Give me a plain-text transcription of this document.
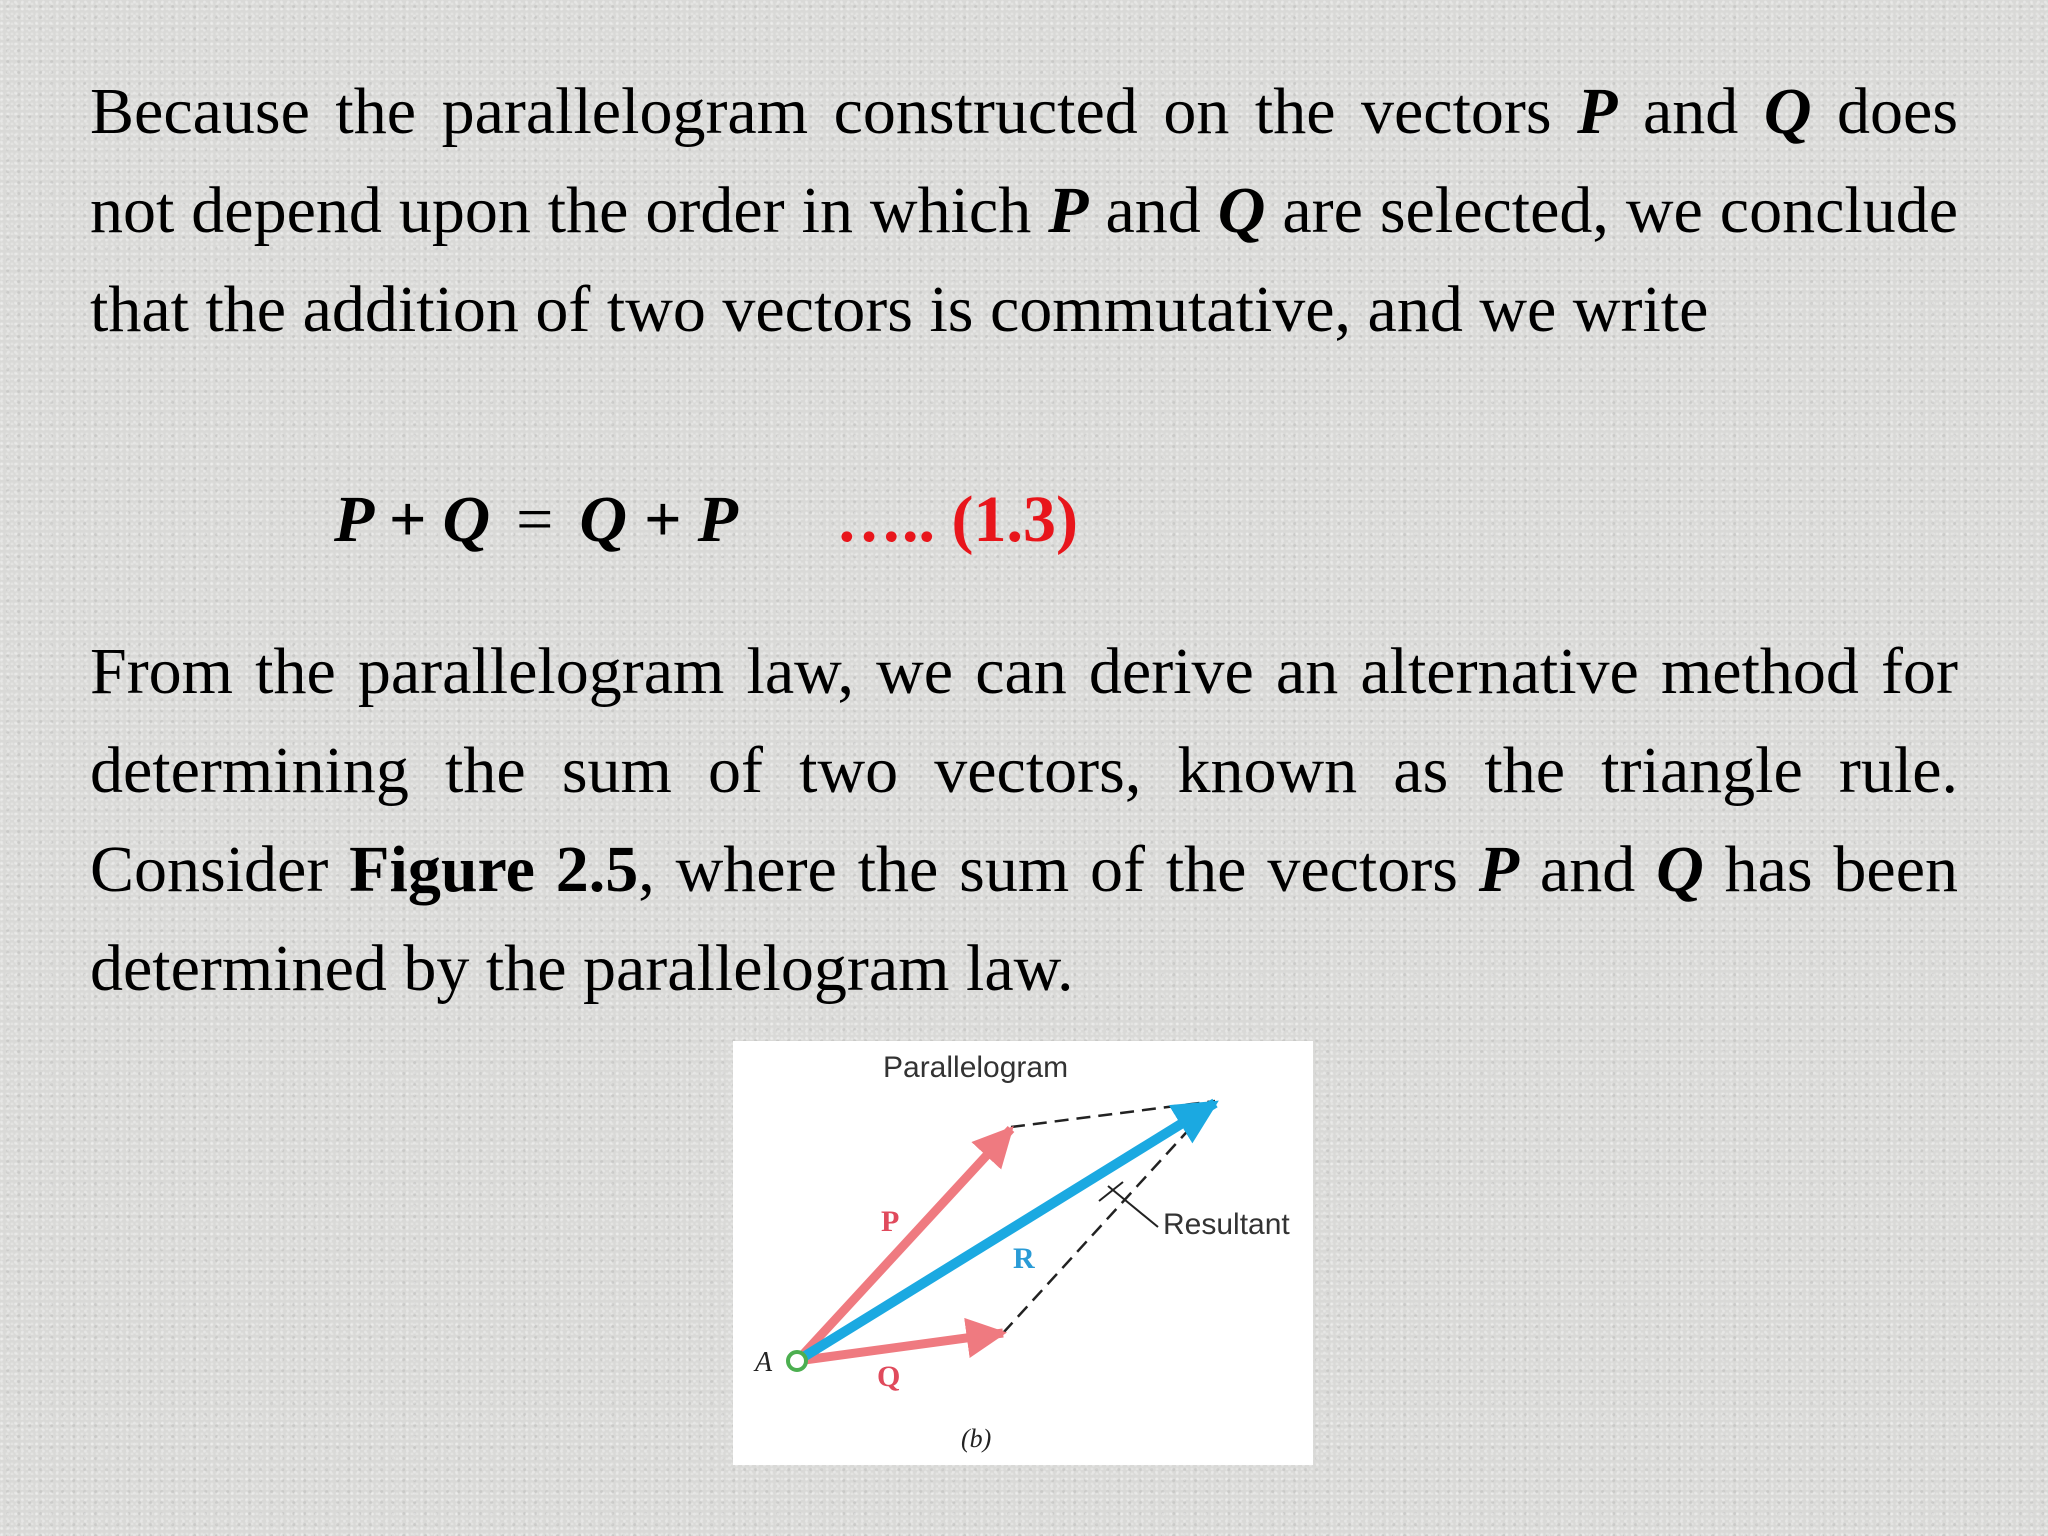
Because the parallelogram constructed on the vectors P and Q does not depend upon the order in which P and Q are selected, we conclude that the addition of two vectors is commutative, and we write
P + Q = Q + P ….. (1.3)
From the parallelogram law, we can derive an alternative method for determining the sum of two vectors, known as the triangle rule. Consider Figure 2.5, where the sum of the vectors P and Q has been determined by the parallelogram law.
Parallelogram
Resultant
P
R
Q
A
(b)
